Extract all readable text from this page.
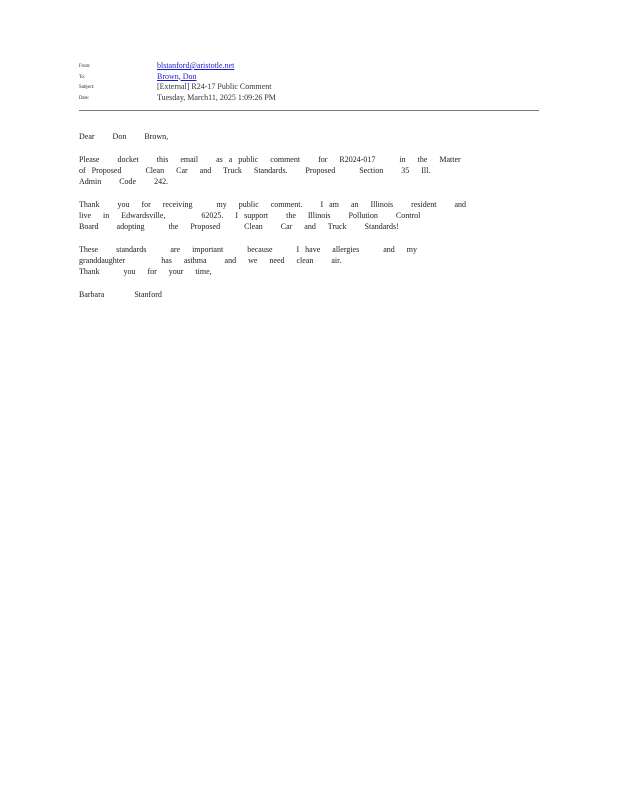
From:	blstanford@aristotle.net
To:	Brown, Don
Subject:	[External] R24-17 Public Comment
Date:	Tuesday, March11, 2025 1:09:26 PM

Dear   Don   Brown,

Please   docket   this  email   as a public  comment   for  R2024-017    in  the  Matter
of Proposed    Clean  Car  and  Truck  Standards.   Proposed    Section   35  Ill.
Admin   Code   242.

Thank   you  for  receiving    my  public  comment.   I am  an  Illinois   resident   and
live  in  Edwardsville,      62025.  I support   the  Illinois   Pollution   Control
Board   adopting    the  Proposed    Clean   Car  and  Truck   Standards!

These   standards    are  important    because    I have  allergies    and  my
granddaughter      has  asthma   and  we  need  clean   air.
Thank    you  for  your  time,

Barbara     Stanford
